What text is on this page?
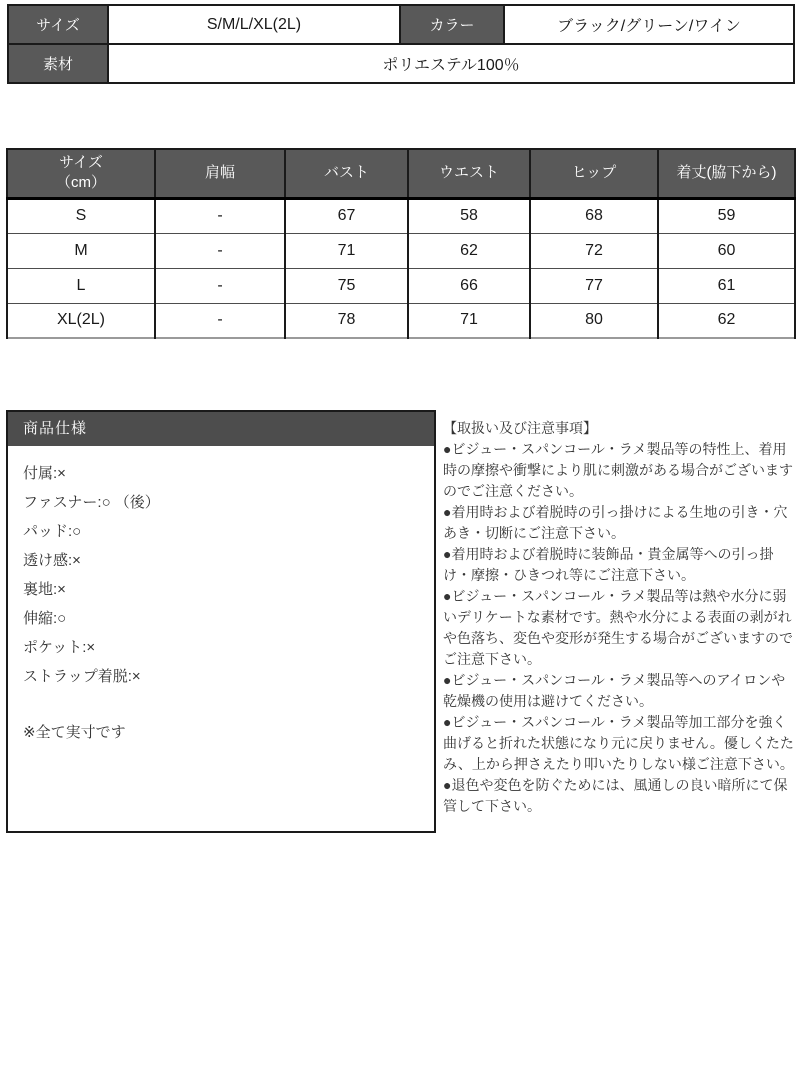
サイズ	S/M/L/XL(2L)	カラー	ブラック/グリーン/ワイン
素材	ポリエステル100％		
サイズ
（cm）	肩幅	バスト	ウエスト	ヒップ	着丈(脇下から)
S	-	67	58	68	59
M	-	71	62	72	60
L	-	75	66	77	61
XL(2L)	-	78	71	80	62
商品仕様
付属:×
ファスナー:○ （後）
パッド:○
透け感:×
裏地:×
伸縮:○
ポケット:×
ストラップ着脱:×
※全て実寸です

【取扱い及び注意事項】

●ビジュー・スパンコール・ラメ製品等の特性上、着用時の摩擦や衝撃により肌に刺激がある場合がございますのでご注意ください。

●着用時および着脱時の引っ掛けによる生地の引き・穴あき・切断にご注意下さい。

●着用時および着脱時に装飾品・貴金属等への引っ掛け・摩擦・ひきつれ等にご注意下さい。

●ビジュー・スパンコール・ラメ製品等は熱や水分に弱いデリケートな素材です。熱や水分による表面の剥がれや色落ち、変色や変形が発生する場合がございますのでご注意下さい。

●ビジュー・スパンコール・ラメ製品等へのアイロンや乾燥機の使用は避けてください。

●ビジュー・スパンコール・ラメ製品等加工部分を強く曲げると折れた状態になり元に戻りません。優しくたたみ、上から押さえたり叩いたりしない様ご注意下さい。

●退色や変色を防ぐためには、風通しの良い暗所にて保管して下さい。
